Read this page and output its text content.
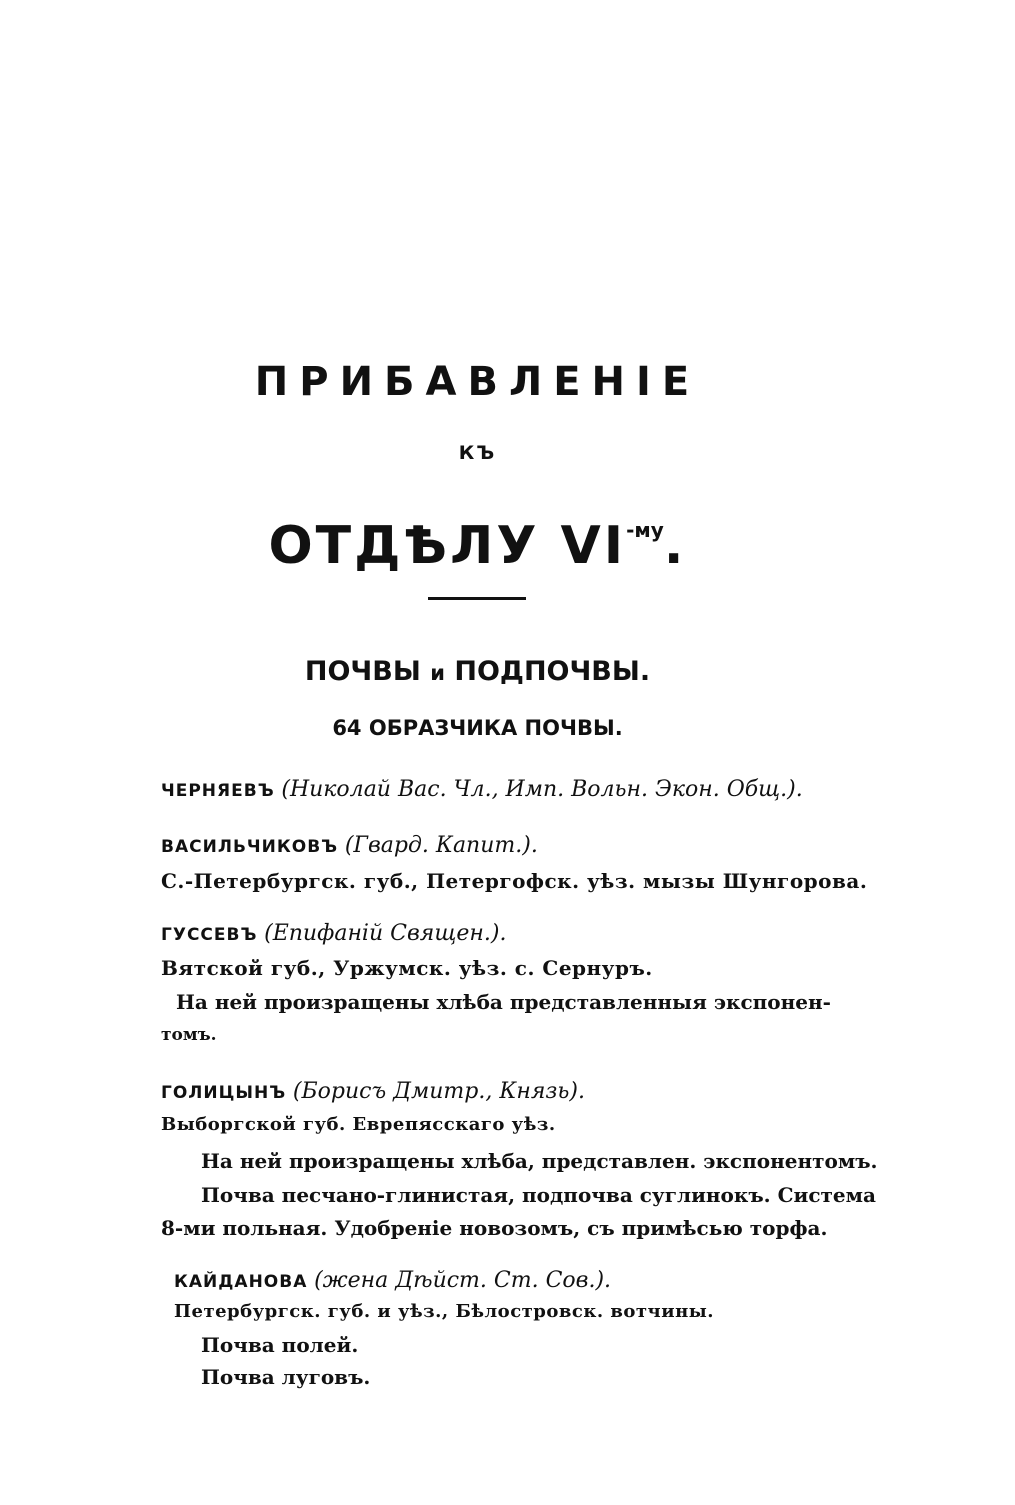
ПРИБАВЛЕНІЕ
КЪ
ОТДѢЛУ $VI^{-му}$.
ПОЧВЫ и ПОДПОЧВЫ.
64 ОБРАЗЧИКА ПОЧВЫ.
ЧЕРНЯЕВЪ (Николай Вас. Чл., Имп. Вольн. Экон. Общ.).
ВАСИЛЬЧИКОВЪ (Гвард. Капит.).
С.-Петербургск. губ., Петергофск. уѣз. мызы Шунгорова.
ГУССЕВЪ (Епифаній Священ.).
Вятской губ., Уржумск. уѣз. с. Сернуръ.
На ней произращены хлѣба представленныя экспонен-
томъ.
ГОЛИЦЫНЪ (Борисъ Дмитр., Князь).
Выборгской губ. Еврепясскаго уѣз.
На ней произращены хлѣба, представлен. экспонентомъ.
Почва песчано-глинистая, подпочва суглинокъ. Система
8-ми польная. Удобреніе новозомъ, съ примѣсью торфа.
КАЙДАНОВА (жена Дѣйст. Ст. Сов.).
Петербургск. губ. и уѣз., Бѣлостровск. вотчины.
Почва полей.
Почва луговъ.
